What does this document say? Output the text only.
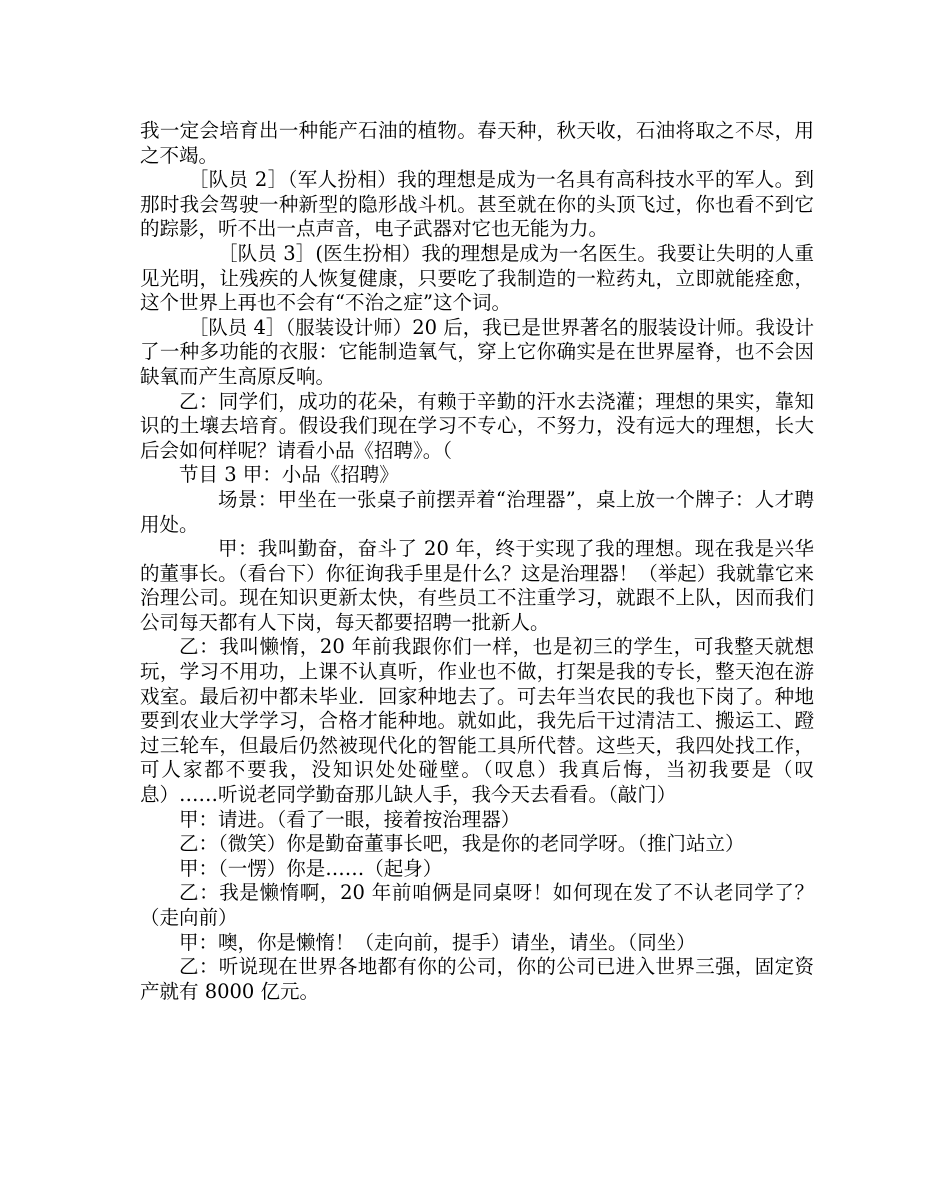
我一定会培育出一种能产石油的植物。春天种，秋天收，石油将取之不尽，用之不竭。

［队员 2］（军人扮相）我的理想是成为一名具有高科技水平的军人。到那时我会驾驶一种新型的隐形战斗机。甚至就在你的头顶飞过，你也看不到它的踪影，听不出一点声音，电子武器对它也无能为力。

［队员 3］(医生扮相）我的理想是成为一名医生。我要让失明的人重见光明，让残疾的人恢复健康，只要吃了我制造的一粒药丸，立即就能痊愈，这个世界上再也不会有“不治之症”这个词。

［队员 4］（服装设计师）20 后，我已是世界著名的服装设计师。我设计了一种多功能的衣服：它能制造氧气，穿上它你确实是在世界屋脊，也不会因缺氧而产生高原反响。

乙：同学们，成功的花朵，有赖于辛勤的汗水去浇灌；理想的果实，靠知识的土壤去培育。假设我们现在学习不专心，不努力，没有远大的理想，长大后会如何样呢？请看小品《招聘》。（

节目 3 甲：小品《招聘》

场景：甲坐在一张桌子前摆弄着“治理器”，桌上放一个牌子：人才聘用处。

甲：我叫勤奋，奋斗了 20 年，终于实现了我的理想。现在我是兴华的董事长。（看台下）你征询我手里是什么？这是治理器！（举起）我就靠它来治理公司。现在知识更新太快，有些员工不注重学习，就跟不上队，因而我们公司每天都有人下岗，每天都要招聘一批新人。

乙：我叫懒惰，20 年前我跟你们一样，也是初三的学生，可我整天就想玩，学习不用功，上课不认真听，作业也不做，打架是我的专长，整天泡在游戏室。最后初中都未毕业．回家种地去了。可去年当农民的我也下岗了。种地要到农业大学学习，合格才能种地。就如此，我先后干过清洁工、搬运工、蹬过三轮车，但最后仍然被现代化的智能工具所代替。这些天，我四处找工作，可人家都不要我，没知识处处碰壁。（叹息）我真后悔，当初我要是（叹息）……听说老同学勤奋那儿缺人手，我今天去看看。（敲门）

甲：请进。（看了一眼，接着按治理器）

乙：（微笑）你是勤奋董事长吧，我是你的老同学呀。（推门站立）

甲：（一愣）你是……（起身）

乙：我是懒惰啊，20 年前咱俩是同桌呀！如何现在发了不认老同学了？（走向前）

甲：噢，你是懒惰！（走向前，提手）请坐，请坐。（同坐）

乙：听说现在世界各地都有你的公司，你的公司已进入世界三强，固定资产就有 8000 亿元。
